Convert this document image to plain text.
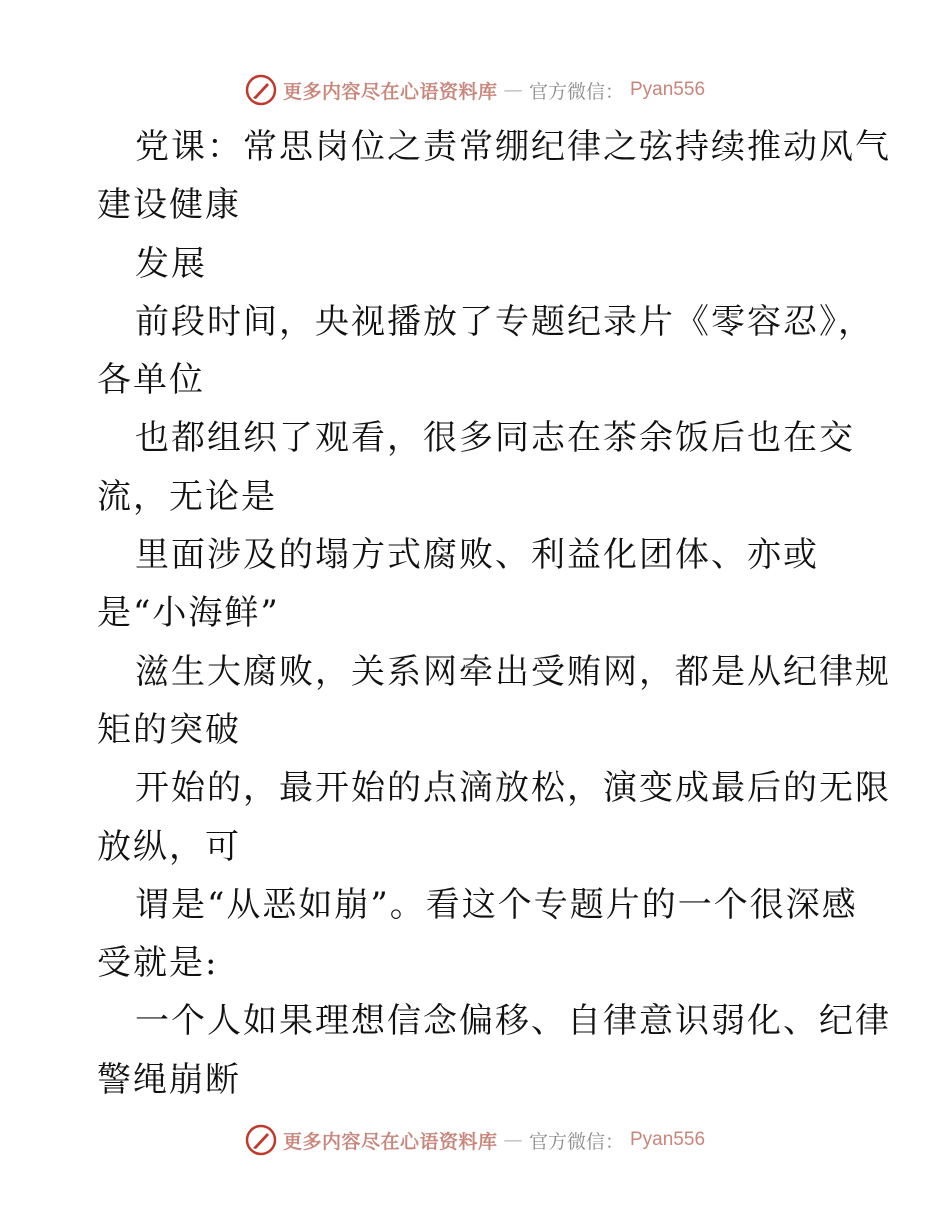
更多内容尽在心语资料库 — 官方微信： Pyan556
党课：常思岗位之责常绷纪律之弦持续推动风气
建设健康
发展
前段时间，央视播放了专题纪录片《零容忍》，
各单位
也都组织了观看，很多同志在茶余饭后也在交
流，无论是
里面涉及的塌方式腐败、利益化团体、亦或
是“小海鲜”
滋生大腐败，关系网牵出受贿网，都是从纪律规
矩的突破
开始的，最开始的点滴放松，演变成最后的无限
放纵，可
谓是“从恶如崩”。看这个专题片的一个很深感
受就是:
一个人如果理想信念偏移、自律意识弱化、纪律
警绳崩断
更多内容尽在心语资料库 — 官方微信： Pyan556
